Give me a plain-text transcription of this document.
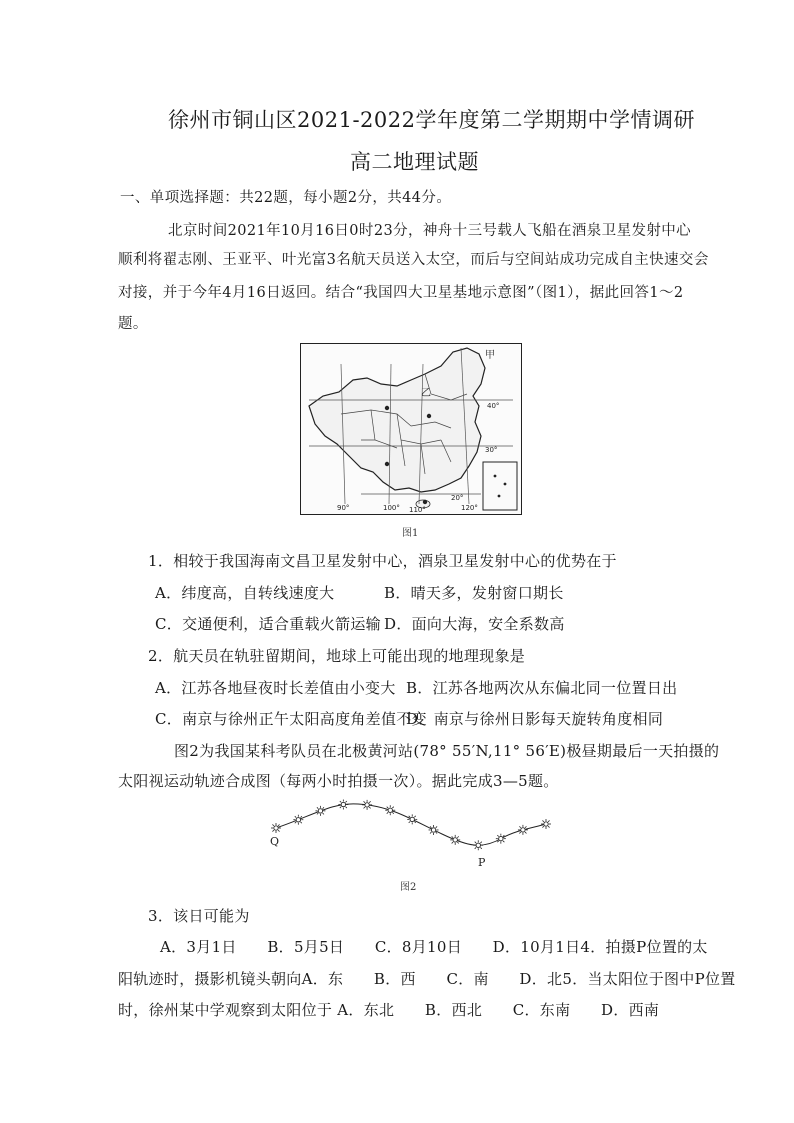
徐州市铜山区2021-2022学年度第二学期期中学情调研
高二地理试题
一、单项选择题：共22题，每小题2分，共44分。
北京时间2021年10月16日0时23分，神舟十三号载人飞船在酒泉卫星发射中心
顺利将翟志刚、王亚平、叶光富3名航天员送入太空，而后与空间站成功完成自主快速交会
对接，并于今年4月16日返回。结合“我国四大卫星基地示意图”（图1），据此回答1～2
题。
甲
乙
40°
30°
20°
90°	100° 110°	120°
图1
1．相较于我国海南文昌卫星发射中心，酒泉卫星发射中心的优势在于
A．纬度高，自转线速度大	B．晴天多，发射窗口期长
C．交通便利，适合重载火箭运输 D．面向大海，安全系数高
2．航天员在轨驻留期间，地球上可能出现的地理现象是
A．江苏各地昼夜时长差值由小变大 B．江苏各地两次从东偏北同一位置日出
C．南京与徐州正午太阳高度角差值不变
D．南京与徐州日影每天旋转角度相同
图2为我国某科考队员在北极黄河站(78° 55′N,11° 56′E)极昼期最后一天拍摄的
太阳视运动轨迹合成图（每两小时拍摄一次）。据此完成3—5题。
Q
P
图2
3．该日可能为
A．3月1日　　B．5月5日　　C．8月10日　　D．10月1日4．拍摄P位置的太
阳轨迹时，摄影机镜头朝向A．东　　B．西　　C．南　　D．北5．当太阳位于图中P位置
时，徐州某中学观察到太阳位于 A．东北　　B．西北　　C．东南　　D．西南
